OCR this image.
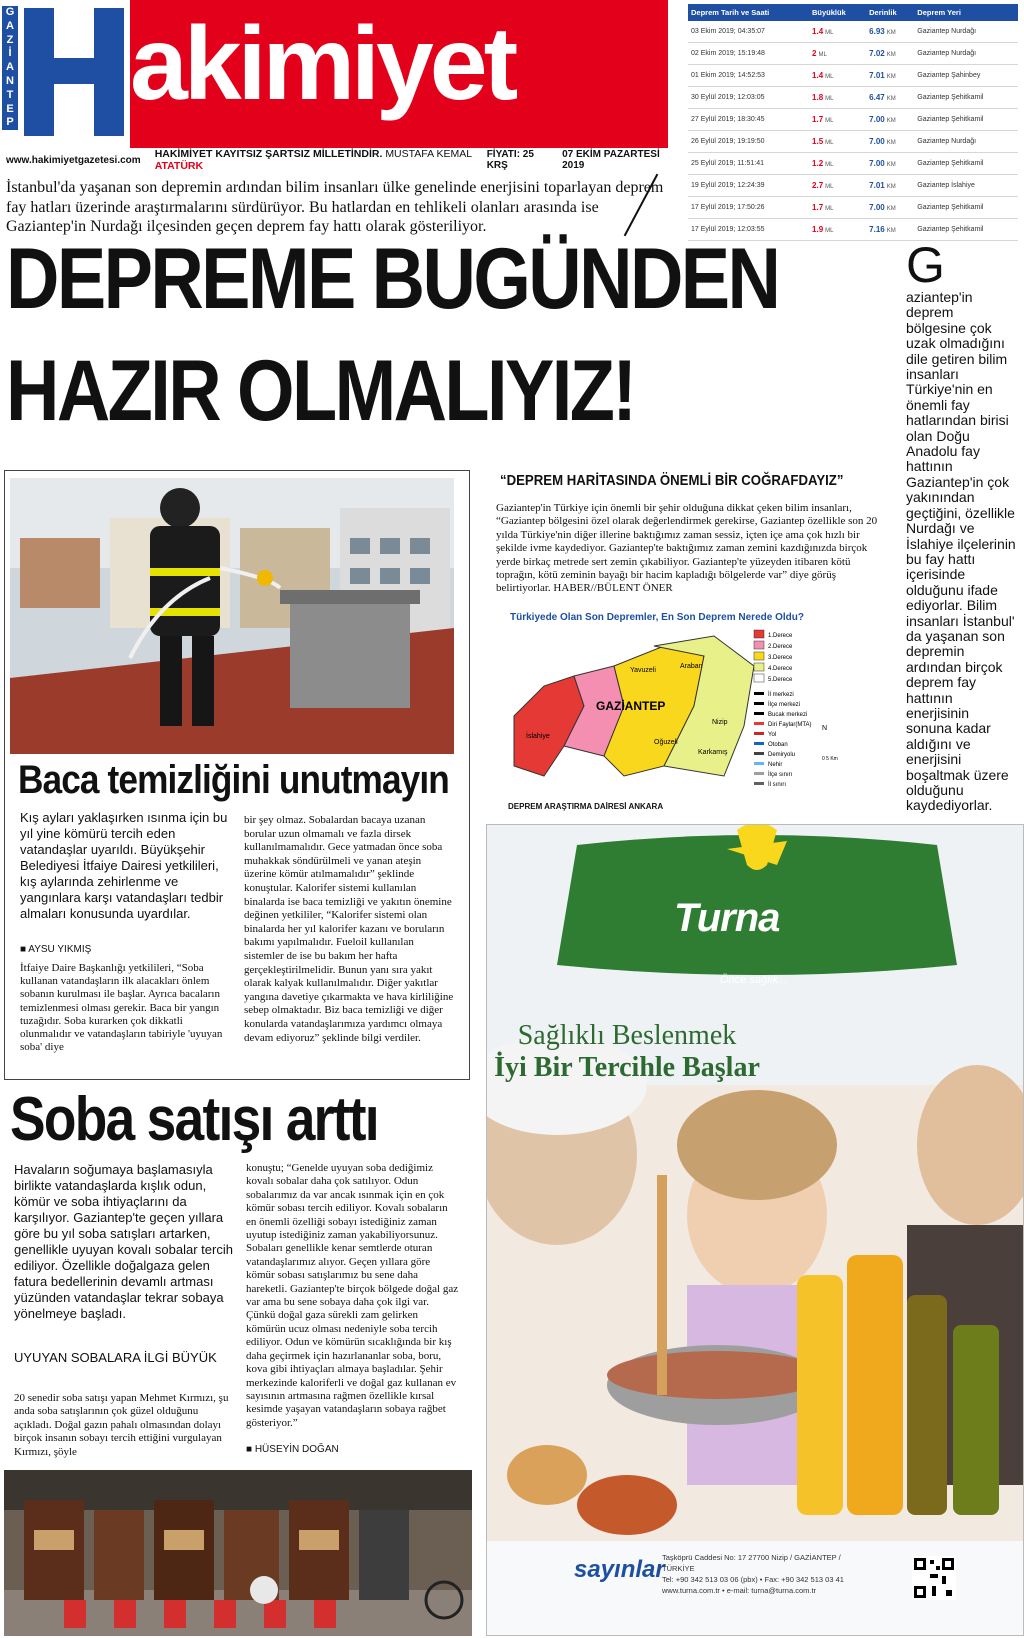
G
A
Z
İ
A
N
T
E
P
akimiyet
www.hakimiyetgazetesi.com HAKİMİYET KAYITSIZ ŞARTSIZ MİLLETİNDİR. MUSTAFA KEMAL ATATÜRK
FİYATI: 25 KRŞ
07 EKİM PAZARTESİ 2019
Deprem Tarih ve Saati	Büyüklük	Derinlik	Deprem Yeri
03 Ekim 2019; 04:35:07	1.4 ML	6.93 KM	Gaziantep Nurdağı
02 Ekim 2019; 15:19:48	2 ML	7.02 KM	Gaziantep Nurdağı
01 Ekim 2019; 14:52:53	1.4 ML	7.01 KM	Gaziantep Şahinbey
30 Eylül 2019; 12:03:05	1.8 ML	6.47 KM	Gaziantep Şehitkamil
27 Eylül 2019; 18:30:45	1.7 ML	7.00 KM	Gaziantep Şehitkamil
26 Eylül 2019; 19:19:50	1.5 ML	7.00 KM	Gaziantep Nurdağı
25 Eylül 2019; 11:51:41	1.2 ML	7.00 KM	Gaziantep Şehitkamil
19 Eylül 2019; 12:24:39	2.7 ML	7.01 KM	Gaziantep İslahiye
17 Eylül 2019; 17:50:26	1.7 ML	7.00 KM	Gaziantep Şehitkamil
17 Eylül 2019; 12:03:55	1.9 ML	7.16 KM	Gaziantep Şehitkamil
İstanbul'da yaşanan son depremin ardından bilim insanları ülke genelinde enerjisini toparlayan deprem fay hatları üzerinde araştırmalarını sürdürüyor. Bu hatlardan en tehlikeli olanları arasında ise Gaziantep'in Nurdağı ilçesinden geçen deprem fay hattı olarak gösteriliyor.
DEPREME BUGÜNDEN
HAZIR OLMALIYIZ!
G
aziantep'in deprem bölgesine çok uzak olmadığını dile getiren bilim insanları Türkiye'nin en önemli fay hatlarından birisi olan Doğu Anadolu fay hattının Gaziantep'in çok yakınından geçtiğini, özellikle Nurdağı ve İslahiye ilçelerinin bu fay hattı içerisinde olduğunu ifade ediyorlar. Bilim insanları İstanbul' da yaşanan son depremin ardından birçok deprem fay hattının enerjisinin sonuna kadar aldığını ve enerjisini boşaltmak üzere olduğunu kaydediyorlar.
Baca temizliğini unutmayın
Kış ayları yaklaşırken ısınma için bu yıl yine kömürü tercih eden vatandaşlar uyarıldı. Büyükşehir Belediyesi İtfaiye Dairesi yetkilileri, kış aylarında zehirlenme ve yangınlara karşı vatandaşları tedbir almaları konusunda uyardılar.
■ AYSU YIKMIŞ
İtfaiye Daire Başkanlığı yetkilileri, “Soba kullanan vatandaşların ilk alacakları önlem sobanın kurulması ile başlar. Ayrıca bacaların temizlenmesi olması gerekir. Baca bir yangın tuzağıdır. Soba kurarken çok dikkatli olunmalıdır ve vatandaşların tabiriyle 'uyuyan soba' diye
bir şey olmaz. Sobalardan bacaya uzanan borular uzun olmamalı ve fazla dirsek kullanılmamalıdır. Gece yatmadan önce soba muhakkak söndürülmeli ve yanan ateşin üzerine kömür atılmamalıdır” şeklinde konuştular. Kalorifer sistemi kullanılan binalarda ise baca temizliği ve yakıtın önemine değinen yetkililer, “Kalorifer sistemi olan binalarda her yıl kalorifer kazanı ve boruların bakımı yapılmalıdır. Fueloil kullanılan sistemler de ise bu bakım her hafta gerçekleştirilmelidir. Bunun yanı sıra yakıt olarak kalyak kullanılmalıdır. Diğer yakıtlar yangına davetiye çıkarmakta ve hava kirliliğine sebep olmaktadır. Biz baca temizliği ve diğer konularda vatandaşlarımıza yardımcı olmaya devam ediyoruz” şeklinde bilgi verdiler.
“DEPREM HARİTASINDA ÖNEMLİ BİR COĞRAFDAYIZ”
Gaziantep'in Türkiye için önemli bir şehir olduğuna dikkat çeken bilim insanları, “Gaziantep bölgesini özel olarak değerlendirmek gerekirse, Gaziantep özellikle son 20 yılda Türkiye'nin diğer illerine baktığımız zaman sessiz, içten içe ama çok hızlı bir şekilde ivme kaydediyor. Gaziantep'te baktığımız zaman zemini kazdığınızda birçok yerde birkaç metrede sert zemin çıkabiliyor. Gaziantep'te yüzeyden itibaren kötü toprağın, kötü zeminin bayağı bir hacim kapladığı bölgelerde var” diye görüş belirtiyorlar. HABER//BÜLENT ÖNER
Türkiyede Olan Son Depremler, En Son Deprem Nerede Oldu?
Araban
Yavuzeli
Nizip
Karkamış
Oğuzeli
İslahiye
GAZİANTEP
1.Derece
2.Derece
3.Derece
4.Derece
5.Derece
İl merkezi
İlçe merkezi
Bucak merkezi
Diri Faylar(MTA)
Yol
Otoban
Demiryolu
Nehir
İlçe sınırı
İl sınırı
N
0 5 Km
DEPREM ARAŞTIRMA DAİRESİ ANKARA
Soba satışı arttı
Havaların soğumaya başlamasıyla birlikte vatandaşlarda kışlık odun, kömür ve soba ihtiyaçlarını da karşılıyor. Gaziantep'te geçen yıllara göre bu yıl soba satışları artarken, genellikle uyuyan kovalı sobalar tercih ediliyor. Özellikle doğalgaza gelen fatura bedellerinin devamlı artması yüzünden vatandaşlar tekrar sobaya yönelmeye başladı.
UYUYAN SOBALARA İLGİ BÜYÜK
20 senedir soba satışı yapan Mehmet Kırmızı, şu anda soba satışlarının çok güzel olduğunu açıkladı. Doğal gazın pahalı olmasından dolayı birçok insanın sobayı tercih ettiğini vurgulayan Kırmızı, şöyle
konuştu; “Genelde uyuyan soba dediğimiz kovalı sobalar daha çok satılıyor. Odun sobalarımız da var ancak ısınmak için en çok kömür sobası tercih ediliyor. Kovalı sobaların en önemli özelliği sobayı istediğiniz zaman uyutup istediğiniz zaman yakabiliyorsunuz. Sobaları genellikle kenar semtlerde oturan vatandaşlarımız alıyor. Geçen yıllara göre kömür sobası satışlarımız bu sene daha hareketli. Gaziantep'te birçok bölgede doğal gaz var ama bu sene sobaya daha çok ilgi var. Çünkü doğal gaza sürekli zam gelirken kömürün ucuz olması nedeniyle soba tercih ediliyor. Odun ve kömürün sıcaklığında bir kış daha geçirmek için hazırlananlar soba, boru, kova gibi ihtiyaçları almaya başladılar. Şehir merkezinde kaloriferli ve doğal gaz kullanan ev sayısının artmasına rağmen özellikle kırsal kesimde yaşayan vatandaşların sobaya rağbet gösteriyor.”
■ HÜSEYİN DOĞAN
Turna
Önce sağlık...
Sağlıklı Beslenmek
İyi Bir Tercihle Başlar
sayınlar
Taşköprü Caddesi No: 17 27700 Nizip / GAZİANTEP / TÜRKİYE
Tel: +90 342 513 03 06 (pbx) • Fax: +90 342 513 03 41
www.turna.com.tr • e-mail: turna@turna.com.tr
